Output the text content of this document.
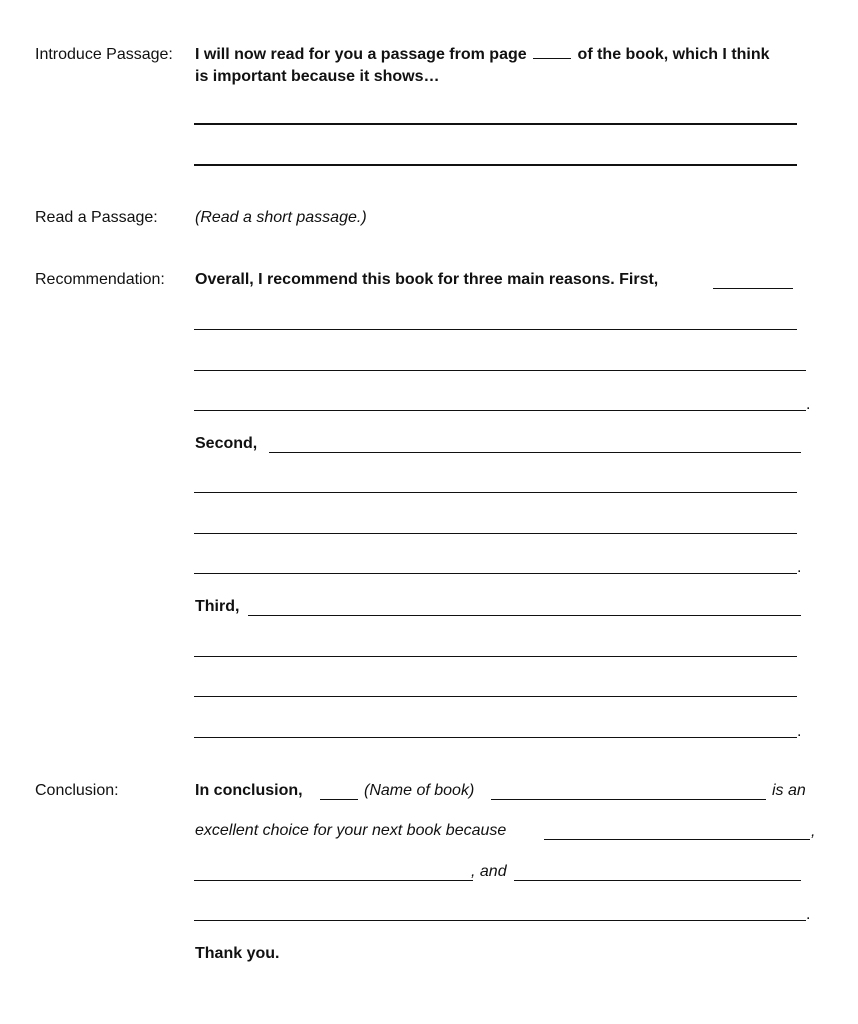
Introduce Passage: I will now read for you a passage from page	of the book, which I think
is important because it shows…
Read a Passage: (Read a short passage.)
Recommendation: Overall, I recommend this book for three main reasons. First,
.
Second,
.
Third,
.
Conclusion:	In conclusion,	(Name of book)	is an
excellent choice for your next book because	,
, and
.
Thank you.
